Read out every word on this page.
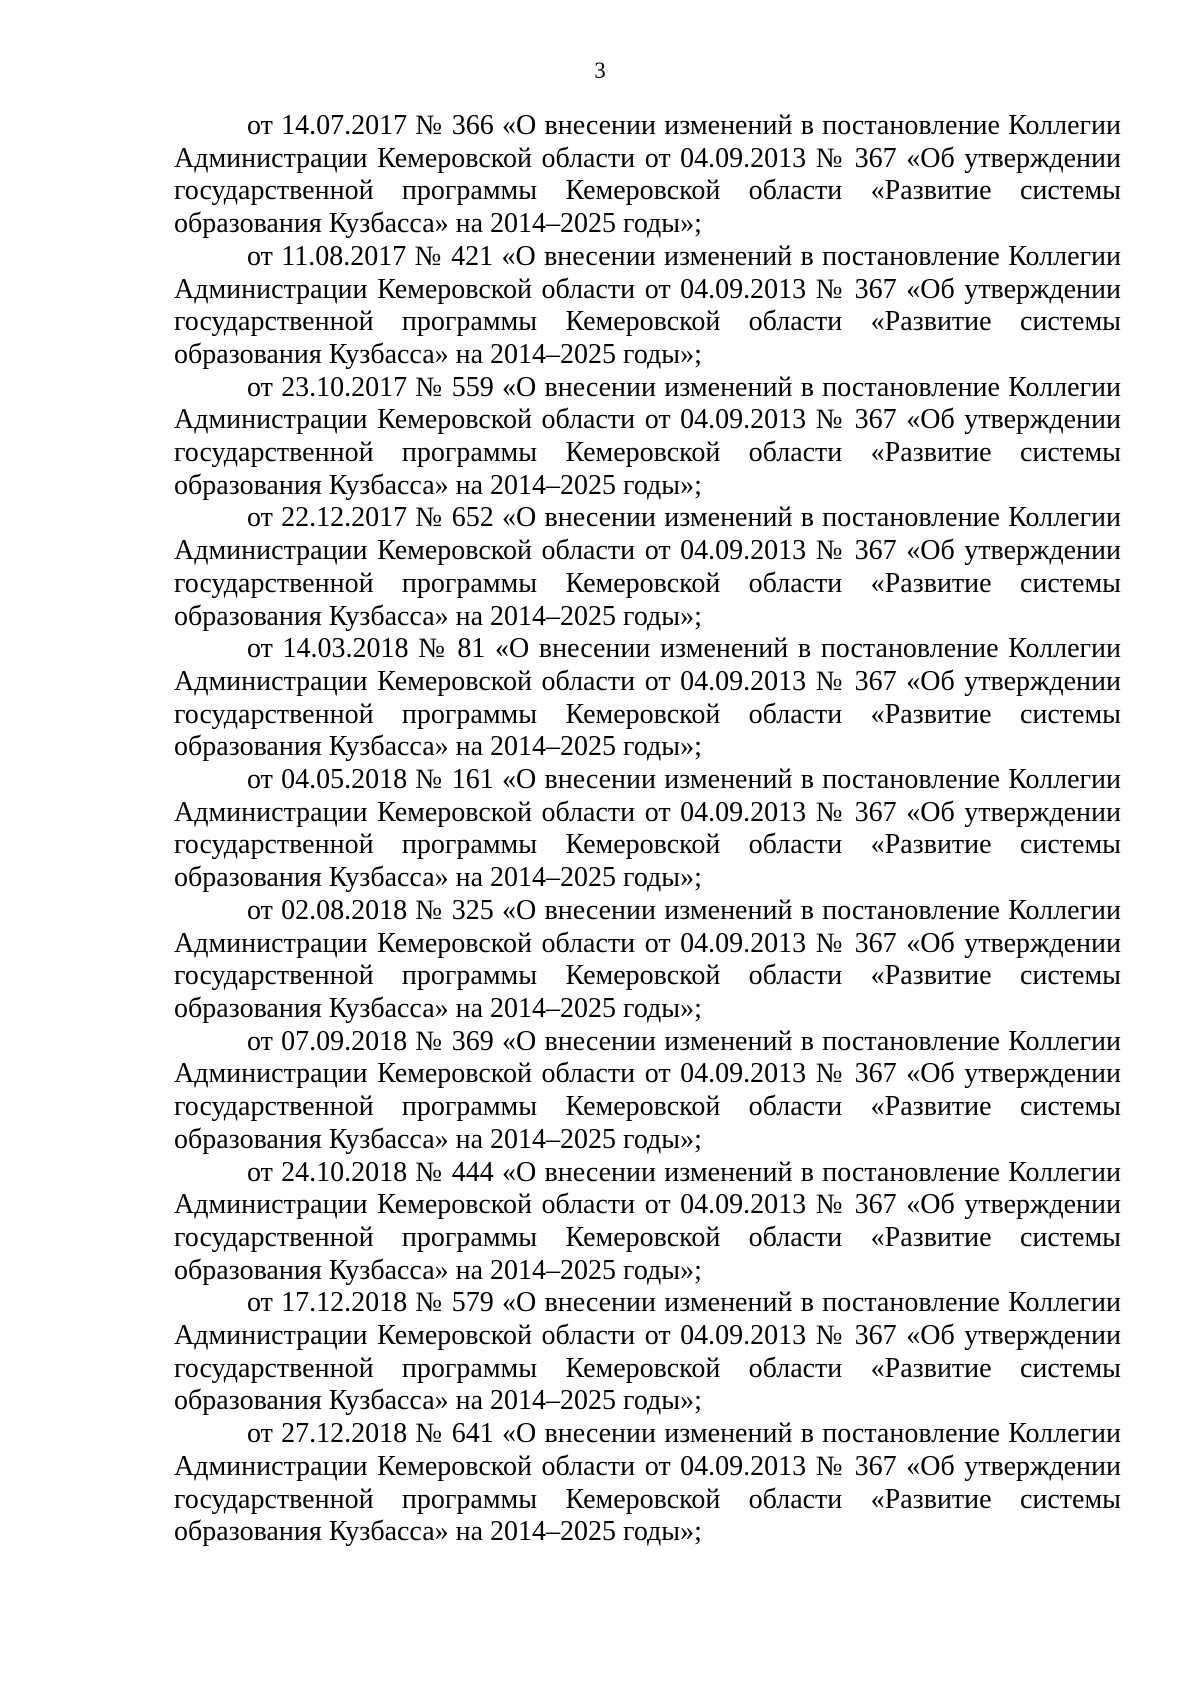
3

от 14.07.2017 № 366 «О внесении изменений в постановление Коллегии
Администрации Кемеровской области от 04.09.2013 № 367 «Об утверждении
государственной программы Кемеровской области «Развитие системы
образования Кузбасса» на 2014–2025 годы»;

от 11.08.2017 № 421 «О внесении изменений в постановление Коллегии
Администрации Кемеровской области от 04.09.2013 № 367 «Об утверждении
государственной программы Кемеровской области «Развитие системы
образования Кузбасса» на 2014–2025 годы»;

от 23.10.2017 № 559 «О внесении изменений в постановление Коллегии
Администрации Кемеровской области от 04.09.2013 № 367 «Об утверждении
государственной программы Кемеровской области «Развитие системы
образования Кузбасса» на 2014–2025 годы»;

от 22.12.2017 № 652 «О внесении изменений в постановление Коллегии
Администрации Кемеровской области от 04.09.2013 № 367 «Об утверждении
государственной программы Кемеровской области «Развитие системы
образования Кузбасса» на 2014–2025 годы»;

от 14.03.2018 № 81 «О внесении изменений в постановление Коллегии
Администрации Кемеровской области от 04.09.2013 № 367 «Об утверждении
государственной программы Кемеровской области «Развитие системы
образования Кузбасса» на 2014–2025 годы»;

от 04.05.2018 № 161 «О внесении изменений в постановление Коллегии
Администрации Кемеровской области от 04.09.2013 № 367 «Об утверждении
государственной программы Кемеровской области «Развитие системы
образования Кузбасса» на 2014–2025 годы»;

от 02.08.2018 № 325 «О внесении изменений в постановление Коллегии
Администрации Кемеровской области от 04.09.2013 № 367 «Об утверждении
государственной программы Кемеровской области «Развитие системы
образования Кузбасса» на 2014–2025 годы»;

от 07.09.2018 № 369 «О внесении изменений в постановление Коллегии
Администрации Кемеровской области от 04.09.2013 № 367 «Об утверждении
государственной программы Кемеровской области «Развитие системы
образования Кузбасса» на 2014–2025 годы»;

от 24.10.2018 № 444 «О внесении изменений в постановление Коллегии
Администрации Кемеровской области от 04.09.2013 № 367 «Об утверждении
государственной программы Кемеровской области «Развитие системы
образования Кузбасса» на 2014–2025 годы»;

от 17.12.2018 № 579 «О внесении изменений в постановление Коллегии
Администрации Кемеровской области от 04.09.2013 № 367 «Об утверждении
государственной программы Кемеровской области «Развитие системы
образования Кузбасса» на 2014–2025 годы»;

от 27.12.2018 № 641 «О внесении изменений в постановление Коллегии
Администрации Кемеровской области от 04.09.2013 № 367 «Об утверждении
государственной программы Кемеровской области «Развитие системы
образования Кузбасса» на 2014–2025 годы»;
